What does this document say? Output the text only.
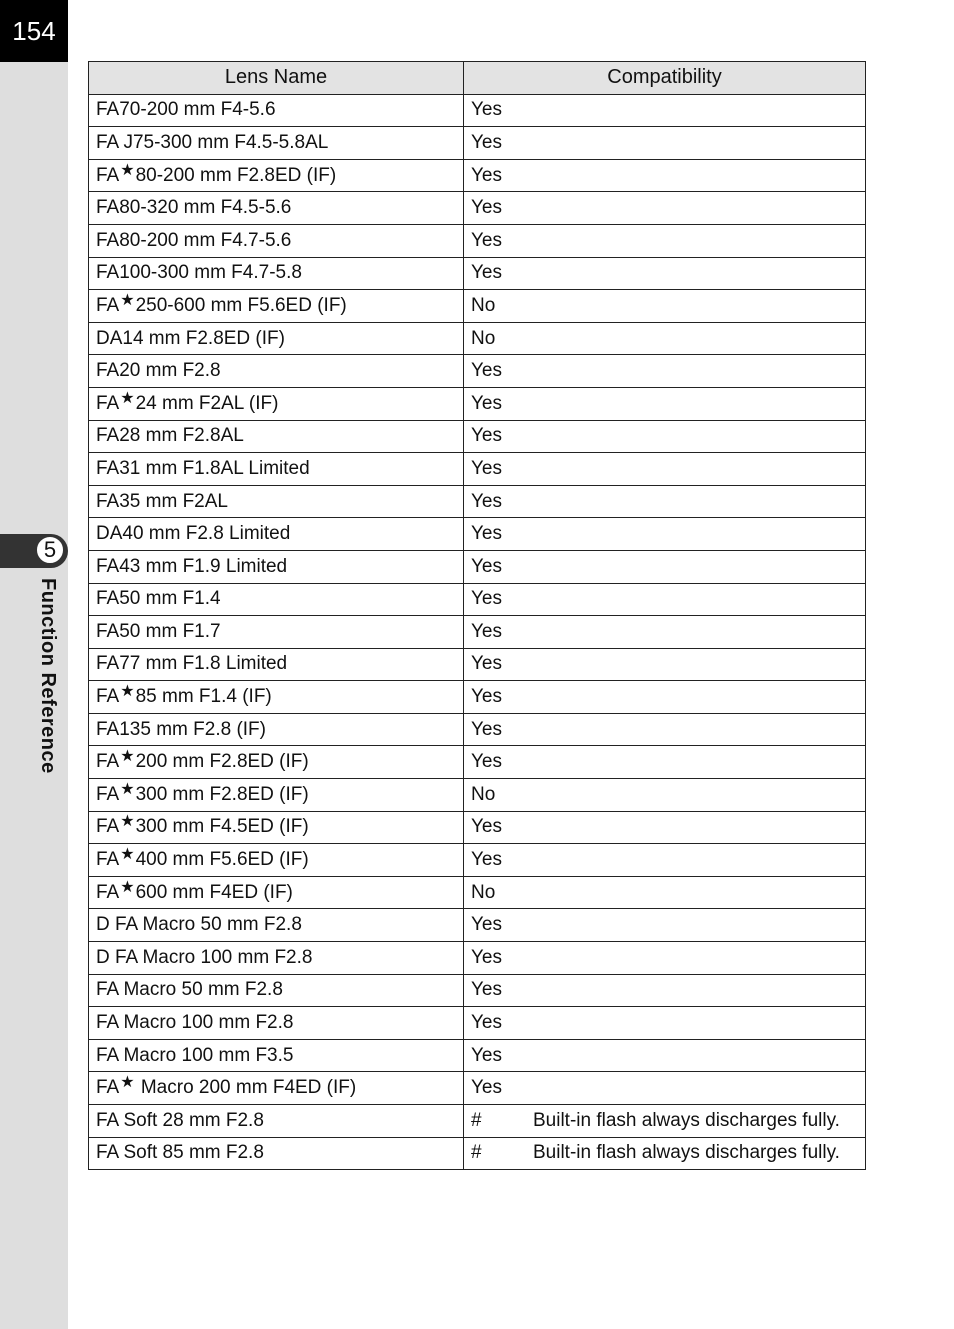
154
5
Function Reference
Lens Name	Compatibility
FA70-200 mm F4-5.6	Yes
FA J75-300 mm F4.5-5.8AL	Yes
FA★80-200 mm F2.8ED (IF)	Yes
FA80-320 mm F4.5-5.6	Yes
FA80-200 mm F4.7-5.6	Yes
FA100-300 mm F4.7-5.8	Yes
FA★250-600 mm F5.6ED (IF)	No
DA14 mm F2.8ED (IF)	No
FA20 mm F2.8	Yes
FA★24 mm F2AL (IF)	Yes
FA28 mm F2.8AL	Yes
FA31 mm F1.8AL Limited	Yes
FA35 mm F2AL	Yes
DA40 mm F2.8 Limited	Yes
FA43 mm F1.9 Limited	Yes
FA50 mm F1.4	Yes
FA50 mm F1.7	Yes
FA77 mm F1.8 Limited	Yes
FA★85 mm F1.4 (IF)	Yes
FA135 mm F2.8 (IF)	Yes
FA★200 mm F2.8ED (IF)	Yes
FA★300 mm F2.8ED (IF)	No
FA★300 mm F4.5ED (IF)	Yes
FA★400 mm F5.6ED (IF)	Yes
FA★600 mm F4ED (IF)	No
D FA Macro 50 mm F2.8	Yes
D FA Macro 100 mm F2.8	Yes
FA Macro 50 mm F2.8	Yes
FA Macro 100 mm F2.8	Yes
FA Macro 100 mm F3.5	Yes
FA★ Macro 200 mm F4ED (IF)	Yes
FA Soft 28 mm F2.8	# Built-in flash always discharges fully.

FA Soft 85 mm F2.8	# Built-in flash always discharges fully.
